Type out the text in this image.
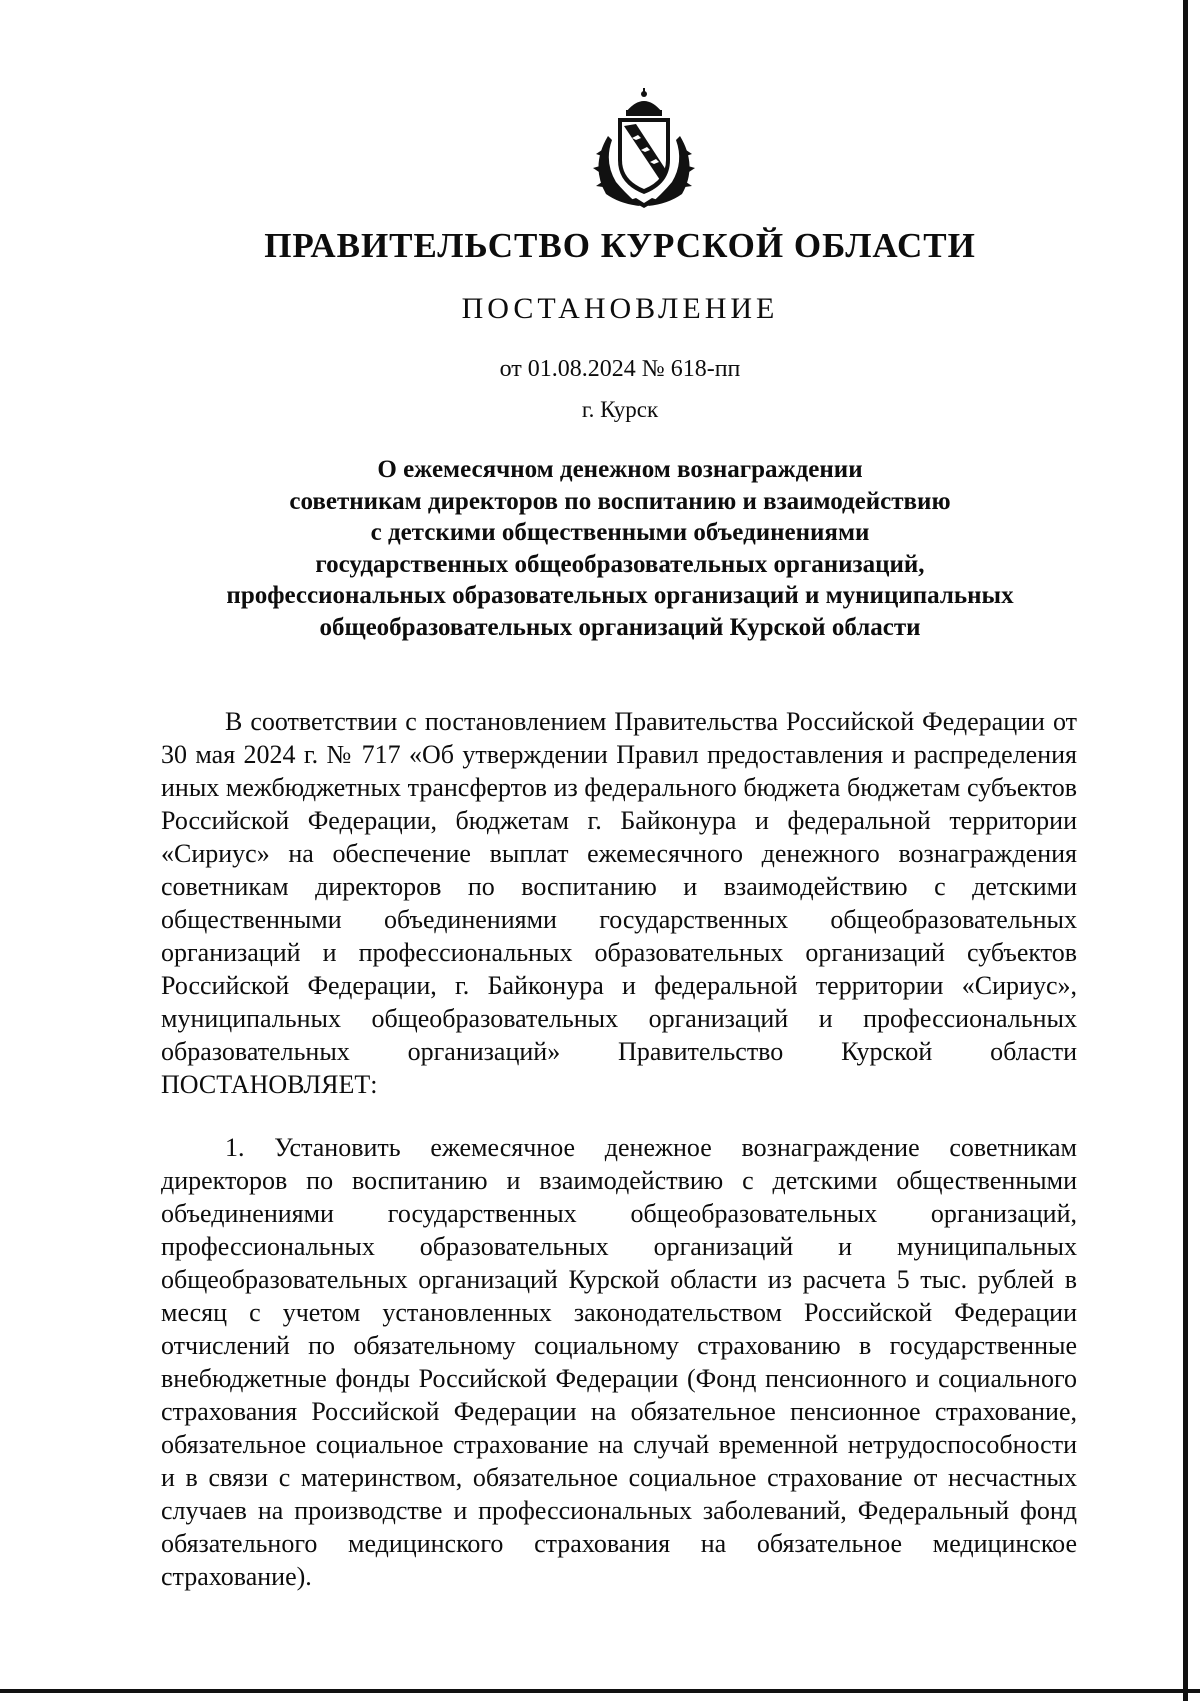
ПРАВИТЕЛЬСТВО КУРСКОЙ ОБЛАСТИ
ПОСТАНОВЛЕНИЕ
от 01.08.2024 № 618-пп
г. Курск
О ежемесячном денежном вознаграждении
советникам директоров по воспитанию и взаимодействию
с детскими общественными объединениями
государственных общеобразовательных организаций,
профессиональных образовательных организаций и муниципальных
общеобразовательных организаций Курской области
В соответствии с постановлением Правительства Российской Федерации от 30 мая 2024 г. № 717 «Об утверждении Правил предоставления и распределения иных межбюджетных трансфертов из федерального бюджета бюджетам субъектов Российской Федерации, бюджетам г. Байконура и федеральной территории «Сириус» на обеспечение выплат ежемесячного денежного вознаграждения советникам директоров по воспитанию и взаимодействию с детскими общественными объединениями государственных общеобразовательных организаций и профессиональных образовательных организаций субъектов Российской Федерации, г. Байконура и федеральной территории «Сириус», муниципальных общеобразовательных организаций и профессиональных образовательных организаций» Правительство Курской области ПОСТАНОВЛЯЕТ:
1. Установить ежемесячное денежное вознаграждение советникам директоров по воспитанию и взаимодействию с детскими общественными объединениями государственных общеобразовательных организаций, профессиональных образовательных организаций и муниципальных общеобразовательных организаций Курской области из расчета 5 тыс. рублей в месяц с учетом установленных законодательством Российской Федерации отчислений по обязательному социальному страхованию в государственные внебюджетные фонды Российской Федерации (Фонд пенсионного и социального страхования Российской Федерации на обязательное пенсионное страхование, обязательное социальное страхование на случай временной нетрудоспособности и в связи с материнством, обязательное социальное страхование от несчастных случаев на производстве и профессиональных заболеваний, Федеральный фонд обязательного медицинского страхования на обязательное медицинское страхование).
